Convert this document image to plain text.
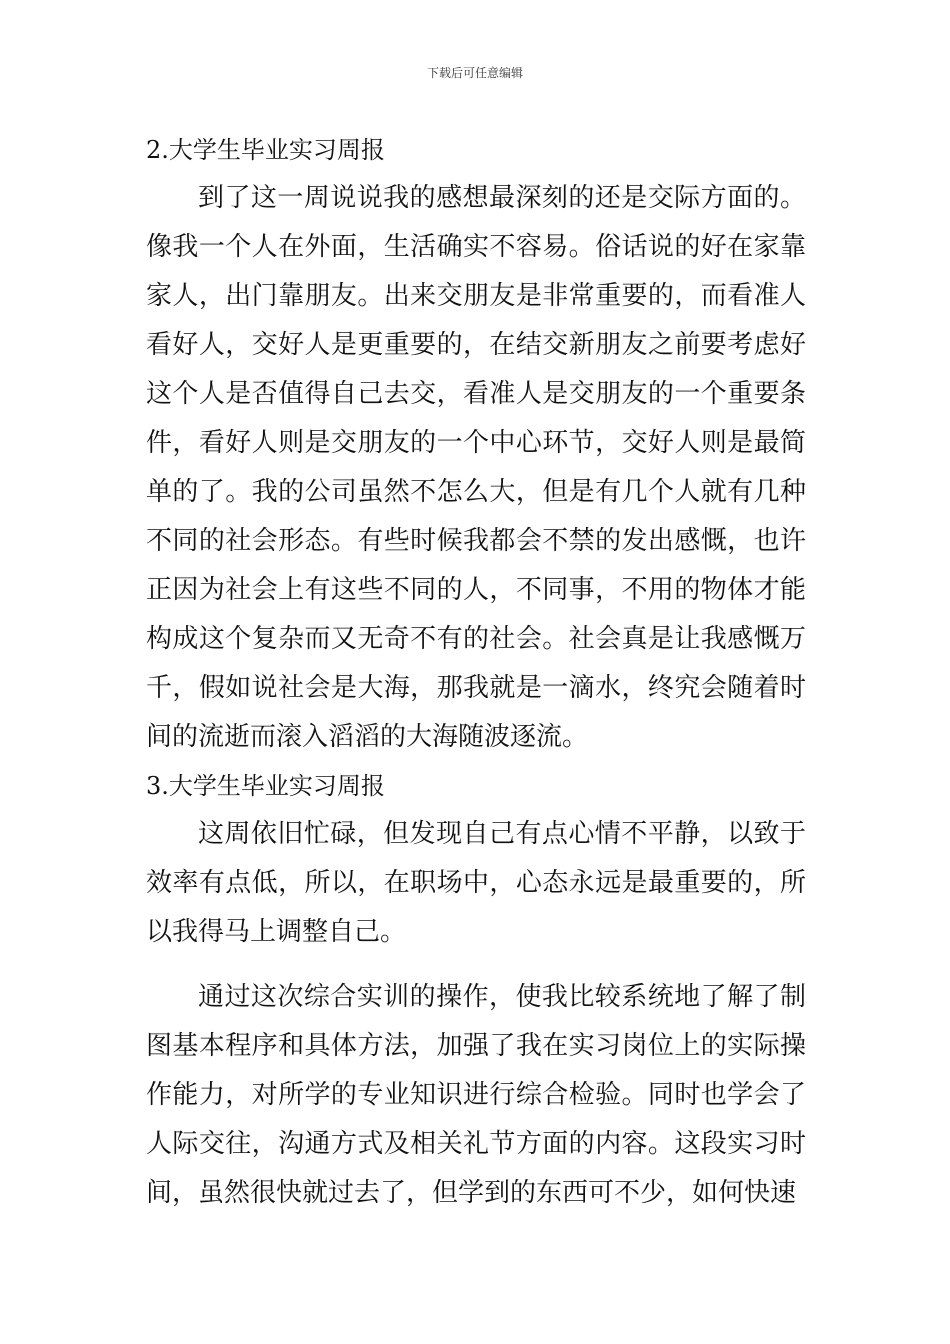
下载后可任意编辑
2.大学生毕业实习周报
到了这一周说说我的感想最深刻的还是交际方面的。
像我一个人在外面，生活确实不容易。俗话说的好在家靠
家人，出门靠朋友。出来交朋友是非常重要的，而看准人
看好人，交好人是更重要的，在结交新朋友之前要考虑好
这个人是否值得自己去交，看准人是交朋友的一个重要条
件，看好人则是交朋友的一个中心环节，交好人则是最简
单的了。我的公司虽然不怎么大，但是有几个人就有几种
不同的社会形态。有些时候我都会不禁的发出感慨，也许
正因为社会上有这些不同的人，不同事，不用的物体才能
构成这个复杂而又无奇不有的社会。社会真是让我感慨万
千，假如说社会是大海，那我就是一滴水，终究会随着时
间的流逝而滚入滔滔的大海随波逐流。
3.大学生毕业实习周报
这周依旧忙碌，但发现自己有点心情不平静，以致于
效率有点低，所以，在职场中，心态永远是最重要的，所
以我得马上调整自己。
通过这次综合实训的操作，使我比较系统地了解了制
图基本程序和具体方法，加强了我在实习岗位上的实际操
作能力，对所学的专业知识进行综合检验。同时也学会了
人际交往，沟通方式及相关礼节方面的内容。这段实习时
间，虽然很快就过去了，但学到的东西可不少，如何快速
